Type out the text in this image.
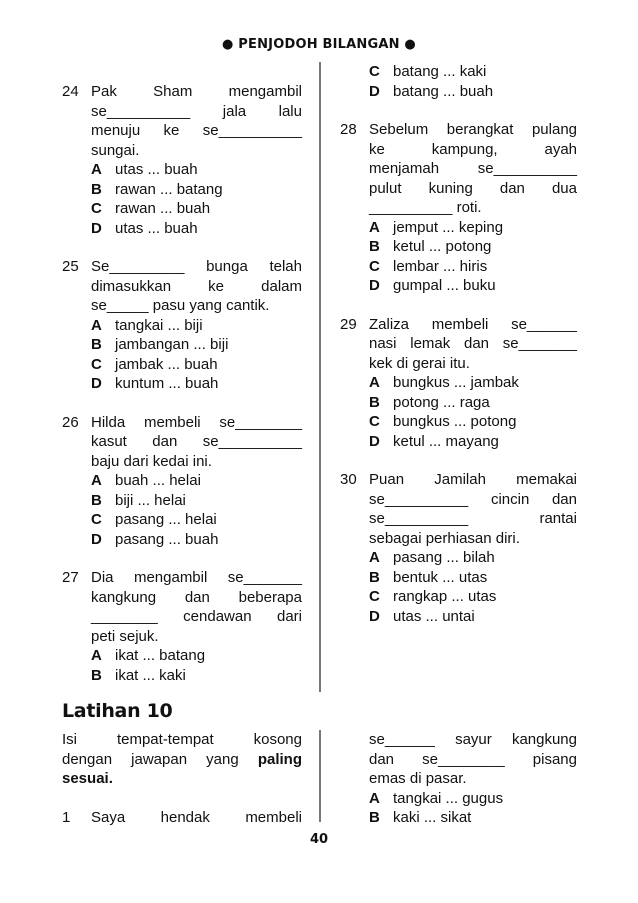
● PENJODOH BILANGAN ●
24 Pak Sham mengambil
se__________ jala lalu
menuju ke se__________
sungai.
A utas ... buah
B rawan ... batang
C rawan ... buah
D utas ... buah
25 Se_________ bunga telah
dimasukkan ke dalam
se_____ pasu yang cantik.
A tangkai ... biji
B jambangan ... biji
C jambak ... buah
D kuntum ... buah
26 Hilda membeli se________
kasut dan se__________
baju dari kedai ini.
A buah ... helai
B biji ... helai
C pasang ... helai
D pasang ... buah
27 Dia mengambil se_______
kangkung dan beberapa
________ cendawan dari
peti sejuk.
A ikat ... batang
B ikat ... kaki
C batang ... kaki
D batang ... buah
28 Sebelum berangkat pulang
ke kampung, ayah
menjamah se__________
pulut kuning dan dua
__________ roti.
A jemput ... keping
B ketul ... potong
C lembar ... hiris
D gumpal ... buku
29 Zaliza membeli se______
nasi lemak dan se_______
kek di gerai itu.
A bungkus ... jambak
B potong ... raga
C bungkus ... potong
D ketul ... mayang
30 Puan Jamilah memakai
se__________ cincin dan
se__________ rantai
sebagai perhiasan diri.
A pasang ... bilah
B bentuk ... utas
C rangkap ... utas
D utas ... untai
Latihan 10
Isi tempat-tempat kosong
dengan jawapan yang paling
sesuai.
1	Saya hendak membeli
se______ sayur kangkung
dan se________ pisang
emas di pasar.
A tangkai ... gugus
B kaki ... sikat
40
